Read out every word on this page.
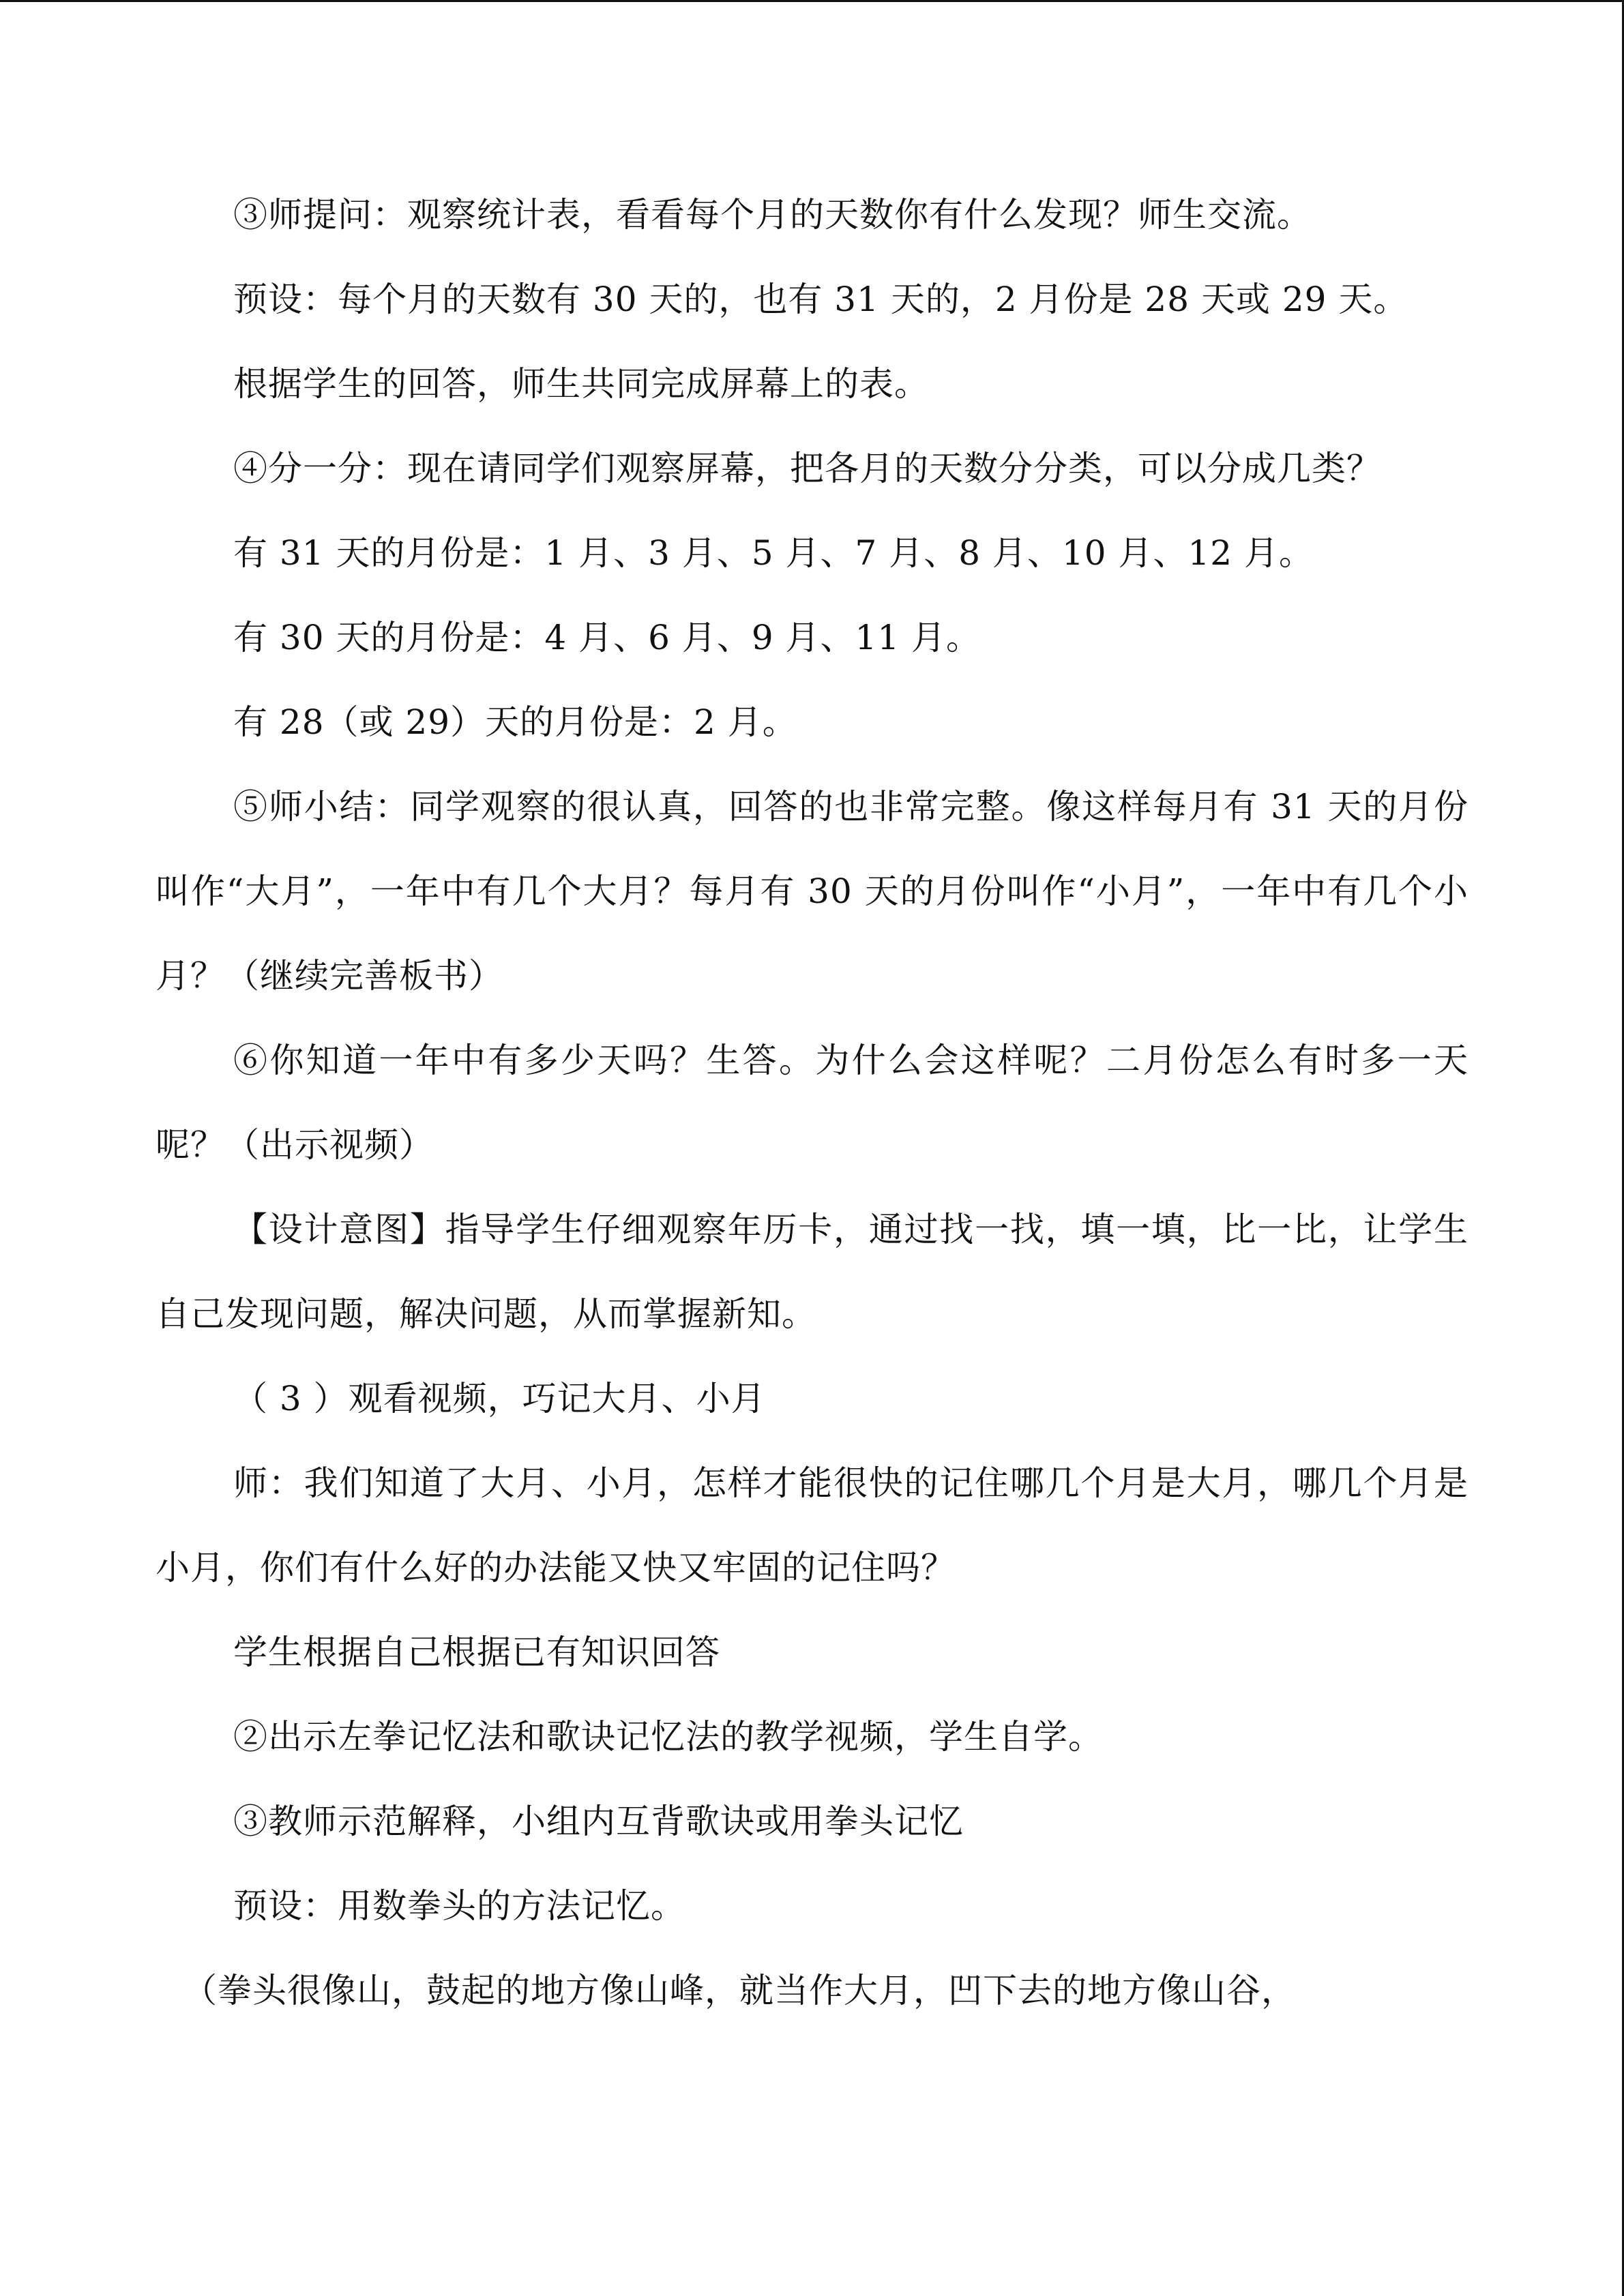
③师提问：观察统计表，看看每个月的天数你有什么发现？师生交流。

预设：每个月的天数有 30 天的，也有 31 天的，2 月份是 28 天或 29 天。

根据学生的回答，师生共同完成屏幕上的表。

④分一分：现在请同学们观察屏幕，把各月的天数分分类，可以分成几类？

有 31 天的月份是：1 月、3 月、5 月、7 月、8 月、10 月、12 月。

有 30 天的月份是：4 月、6 月、9 月、11 月。

有 28（或 29）天的月份是：2 月。

⑤师小结：同学观察的很认真，回答的也非常完整。像这样每月有 31 天的月份叫作“大月”，一年中有几个大月？每月有 30 天的月份叫作“小月”，一年中有几个小月？（继续完善板书）

⑥你知道一年中有多少天吗？生答。为什么会这样呢？二月份怎么有时多一天呢？（出示视频）

【设计意图】指导学生仔细观察年历卡，通过找一找，填一填，比一比，让学生自己发现问题，解决问题，从而掌握新知。

（ 3 ）观看视频，巧记大月、小月

师：我们知道了大月、小月，怎样才能很快的记住哪几个月是大月，哪几个月是小月，你们有什么好的办法能又快又牢固的记住吗？

学生根据自己根据已有知识回答

②出示左拳记忆法和歌诀记忆法的教学视频，学生自学。

③教师示范解释，小组内互背歌诀或用拳头记忆

预设：用数拳头的方法记忆。

（拳头很像山，鼓起的地方像山峰，就当作大月，凹下去的地方像山谷，
